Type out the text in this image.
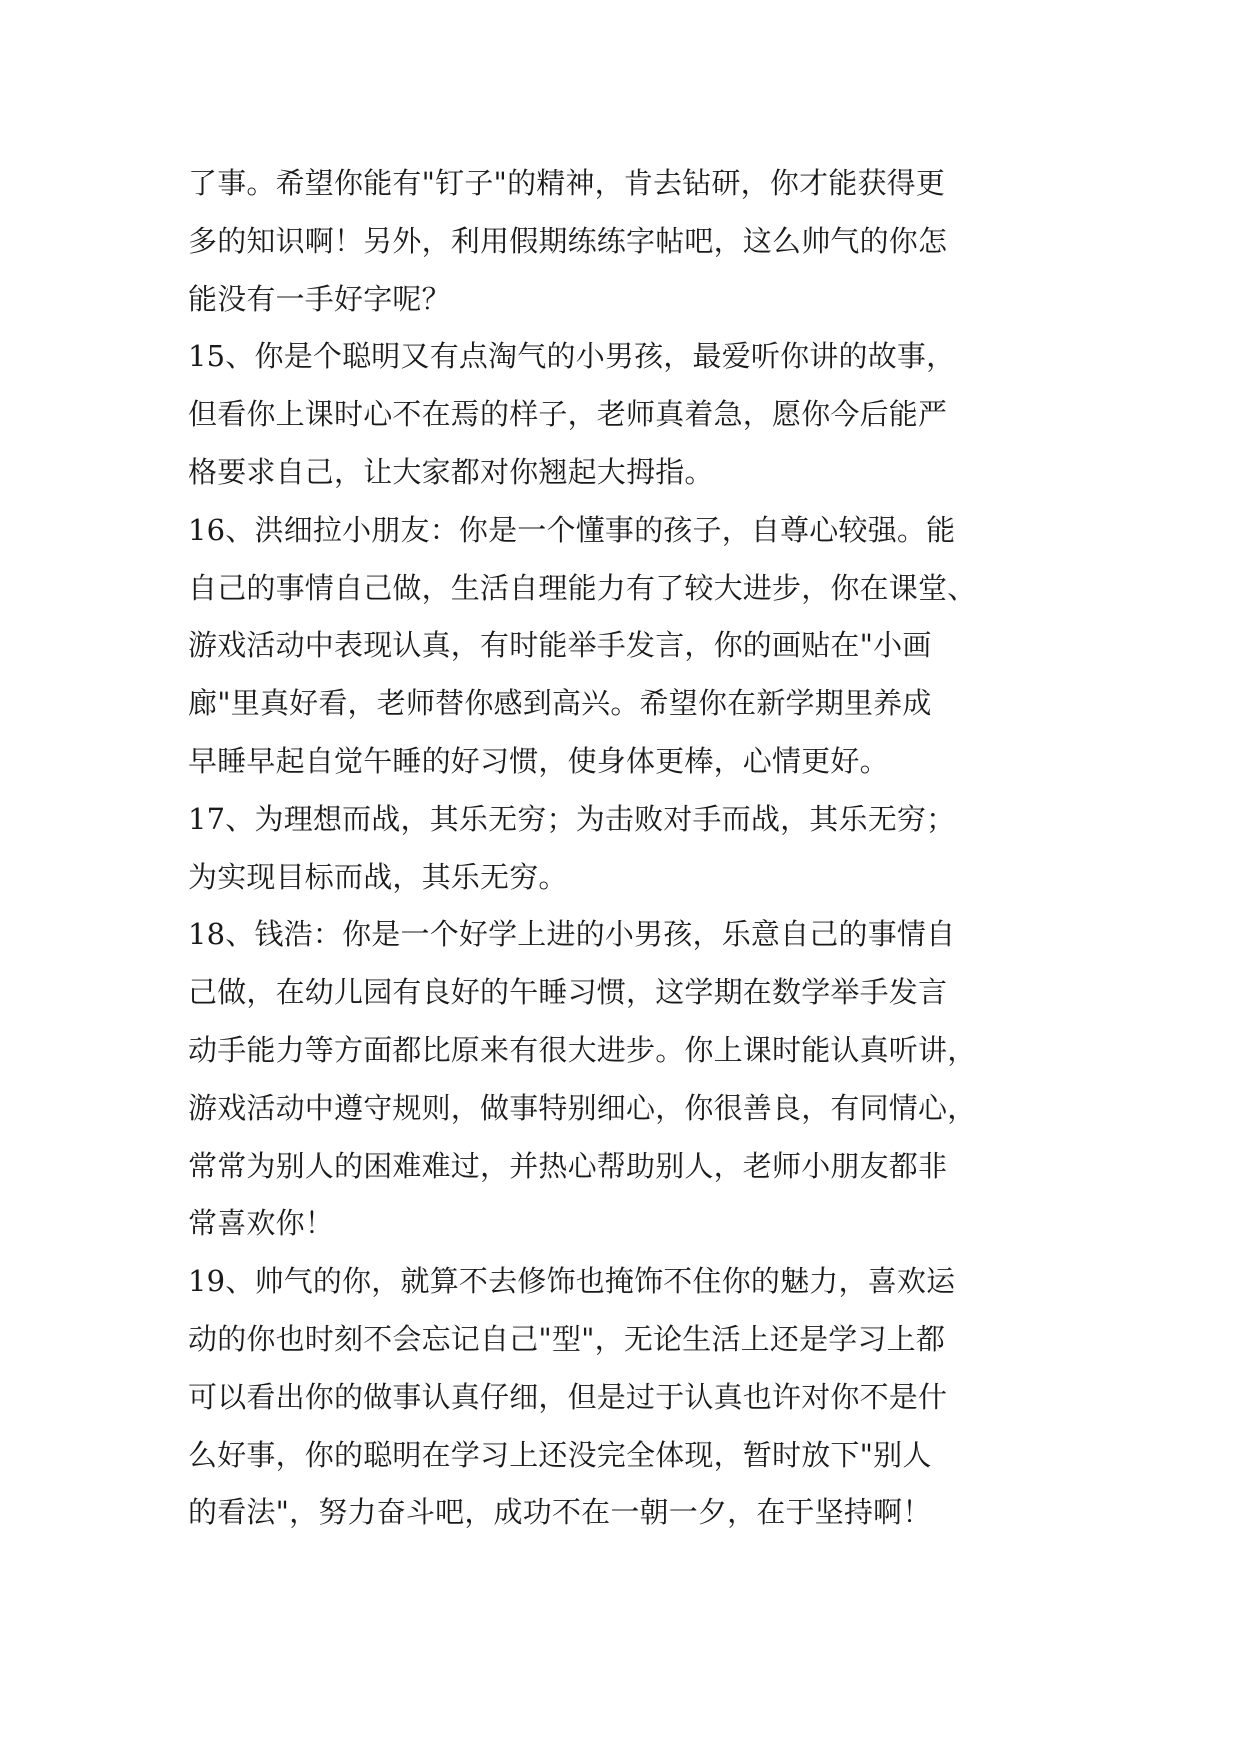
了事。希望你能有"钉子"的精神，肯去钻研，你才能获得更
多的知识啊！另外，利用假期练练字帖吧，这么帅气的你怎
能没有一手好字呢？
15、你是个聪明又有点淘气的小男孩，最爱听你讲的故事，
但看你上课时心不在焉的样子，老师真着急，愿你今后能严
格要求自己，让大家都对你翘起大拇指。
16、洪细拉小朋友：你是一个懂事的孩子，自尊心较强。能
自己的事情自己做，生活自理能力有了较大进步，你在课堂、
游戏活动中表现认真，有时能举手发言，你的画贴在"小画
廊"里真好看，老师替你感到高兴。希望你在新学期里养成
早睡早起自觉午睡的好习惯，使身体更棒，心情更好。
17、为理想而战，其乐无穷；为击败对手而战，其乐无穷；
为实现目标而战，其乐无穷。
18、钱浩：你是一个好学上进的小男孩，乐意自己的事情自
己做，在幼儿园有良好的午睡习惯，这学期在数学举手发言
动手能力等方面都比原来有很大进步。你上课时能认真听讲，
游戏活动中遵守规则，做事特别细心，你很善良，有同情心，
常常为别人的困难难过，并热心帮助别人，老师小朋友都非
常喜欢你！
19、帅气的你，就算不去修饰也掩饰不住你的魅力，喜欢运
动的你也时刻不会忘记自己"型"，无论生活上还是学习上都
可以看出你的做事认真仔细，但是过于认真也许对你不是什
么好事，你的聪明在学习上还没完全体现，暂时放下"别人
的看法"，努力奋斗吧，成功不在一朝一夕，在于坚持啊！
